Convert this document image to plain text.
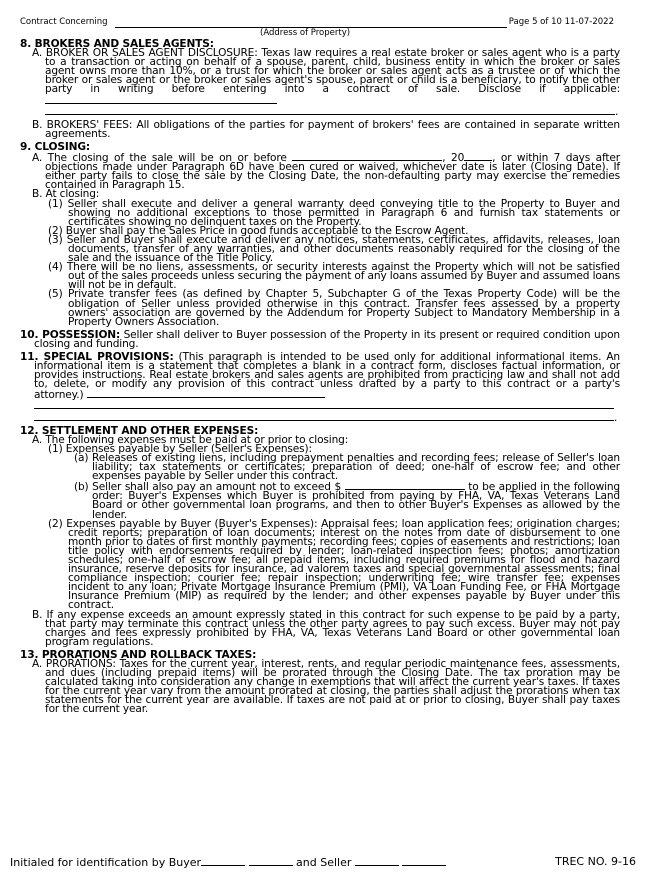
Contract Concerning	Page 5 of 10 11-07-2022
(Address of Property)
8. BROKERS AND SALES AGENTS:
A. BROKER OR SALES AGENT DISCLOSURE: Texas law requires a real estate broker or sales agent who is a party to a transaction or acting on behalf of a spouse, parent, child, business entity in which the broker or sales agent owns more than 10%, or a trust for which the broker or sales agent acts as a trustee or of which the broker or sales agent or the broker or sales agent's spouse, parent or child is a beneficiary, to notify the other party in writing before entering into a contract of sale. Disclose if applicable:
.
B. BROKERS' FEES: All obligations of the parties for payment of brokers' fees are contained in separate written agreements.
9. CLOSING:
A. The closing of the sale will be on or before	, 20	, or within 7 days after objections made under Paragraph 6D have been cured or waived, whichever date is later (Closing Date). If either party fails to close the sale by the Closing Date, the non-defaulting party may exercise the remedies contained in Paragraph 15.
B. At closing:
(1) Seller shall execute and deliver a general warranty deed conveying title to the Property to Buyer and showing no additional exceptions to those permitted in Paragraph 6 and furnish tax statements or certificates showing no delinquent taxes on the Property.
(2) Buyer shall pay the Sales Price in good funds acceptable to the Escrow Agent.
(3) Seller and Buyer shall execute and deliver any notices, statements, certificates, affidavits, releases, loan documents, transfer of any warranties, and other documents reasonably required for the closing of the sale and the issuance of the Title Policy.
(4) There will be no liens, assessments, or security interests against the Property which will not be satisfied out of the sales proceeds unless securing the payment of any loans assumed by Buyer and assumed loans will not be in default.
(5) Private transfer fees (as defined by Chapter 5, Subchapter G of the Texas Property Code) will be the obligation of Seller unless provided otherwise in this contract. Transfer fees assessed by a property owners' association are governed by the Addendum for Property Subject to Mandatory Membership in a Property Owners Association.
10. POSSESSION: Seller shall deliver to Buyer possession of the Property in its present or required condition upon closing and funding.
11. SPECIAL PROVISIONS: (This paragraph is intended to be used only for additional informational items. An informational item is a statement that completes a blank in a contract form, discloses factual information, or provides instructions. Real estate brokers and sales agents are prohibited from practicing law and shall not add to, delete, or modify any provision of this contract unless drafted by a party to this contract or a party's attorney.)
.
12. SETTLEMENT AND OTHER EXPENSES:
A. The following expenses must be paid at or prior to closing:
(1) Expenses payable by Seller (Seller's Expenses):
(a) Releases of existing liens, including prepayment penalties and recording fees; release of Seller's loan liability; tax statements or certificates; preparation of deed; one-half of escrow fee; and other expenses payable by Seller under this contract.
(b) Seller shall also pay an amount not to exceed $	to be applied in the following order: Buyer's Expenses which Buyer is prohibited from paying by FHA, VA, Texas Veterans Land Board or other governmental loan programs, and then to other Buyer's Expenses as allowed by the lender.
(2) Expenses payable by Buyer (Buyer's Expenses): Appraisal fees; loan application fees; origination charges; credit reports; preparation of loan documents; interest on the notes from date of disbursement to one month prior to dates of first monthly payments; recording fees; copies of easements and restrictions; loan title policy with endorsements required by lender; loan-related inspection fees; photos; amortization schedules; one-half of escrow fee; all prepaid items, including required premiums for flood and hazard insurance, reserve deposits for insurance, ad valorem taxes and special governmental assessments; final compliance inspection; courier fee; repair inspection; underwriting fee; wire transfer fee; expenses incident to any loan; Private Mortgage Insurance Premium (PMI), VA Loan Funding Fee, or FHA Mortgage Insurance Premium (MIP) as required by the lender; and other expenses payable by Buyer under this contract.
B. If any expense exceeds an amount expressly stated in this contract for such expense to be paid by a party, that party may terminate this contract unless the other party agrees to pay such excess. Buyer may not pay charges and fees expressly prohibited by FHA, VA, Texas Veterans Land Board or other governmental loan program regulations.
13. PRORATIONS AND ROLLBACK TAXES:
A. PRORATIONS: Taxes for the current year, interest, rents, and regular periodic maintenance fees, assessments, and dues (including prepaid items) will be prorated through the Closing Date. The tax proration may be calculated taking into consideration any change in exemptions that will affect the current year's taxes. If taxes for the current year vary from the amount prorated at closing, the parties shall adjust the prorations when tax statements for the current year are available. If taxes are not paid at or prior to closing, Buyer shall pay taxes for the current year.
Initialed for identification by Buyer	and Seller	TREC NO. 9-16
